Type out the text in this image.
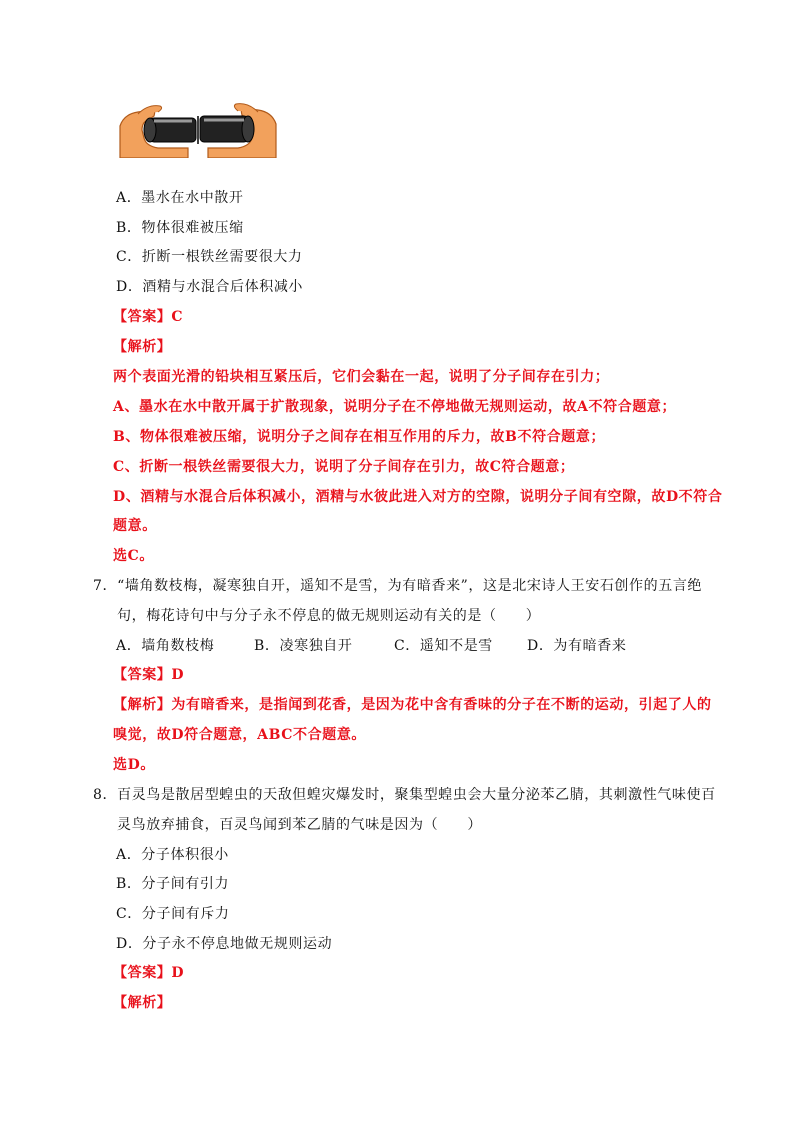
A．墨水在水中散开
B．物体很难被压缩
C．折断一根铁丝需要很大力
D．酒精与水混合后体积减小
【答案】C
【解析】
两个表面光滑的铅块相互紧压后，它们会黏在一起，说明了分子间存在引力；
A、墨水在水中散开属于扩散现象，说明分子在不停地做无规则运动，故A不符合题意；
B、物体很难被压缩，说明分子之间存在相互作用的斥力，故B不符合题意；
C、折断一根铁丝需要很大力，说明了分子间存在引力，故C符合题意；
D、酒精与水混合后体积减小，酒精与水彼此进入对方的空隙，说明分子间有空隙，故D不符合
题意。
选C。
7．“墙角数枝梅，凝寒独自开，遥知不是雪，为有暗香来”，这是北宋诗人王安石创作的五言绝
句，梅花诗句中与分子永不停息的做无规则运动有关的是（　　）
A．墙角数枝梅	B．凌寒独自开	C．遥知不是雪 D．为有暗香来
【答案】D
【解析】为有暗香来，是指闻到花香，是因为花中含有香味的分子在不断的运动，引起了人的
嗅觉，故D符合题意，ABC不合题意。
选D。
8．百灵鸟是散居型蝗虫的天敌但蝗灾爆发时，聚集型蝗虫会大量分泌苯乙腈，其刺激性气味使百
灵鸟放弃捕食，百灵鸟闻到苯乙腈的气味是因为（　　）
A．分子体积很小
B．分子间有引力
C．分子间有斥力
D．分子永不停息地做无规则运动
【答案】D
【解析】
